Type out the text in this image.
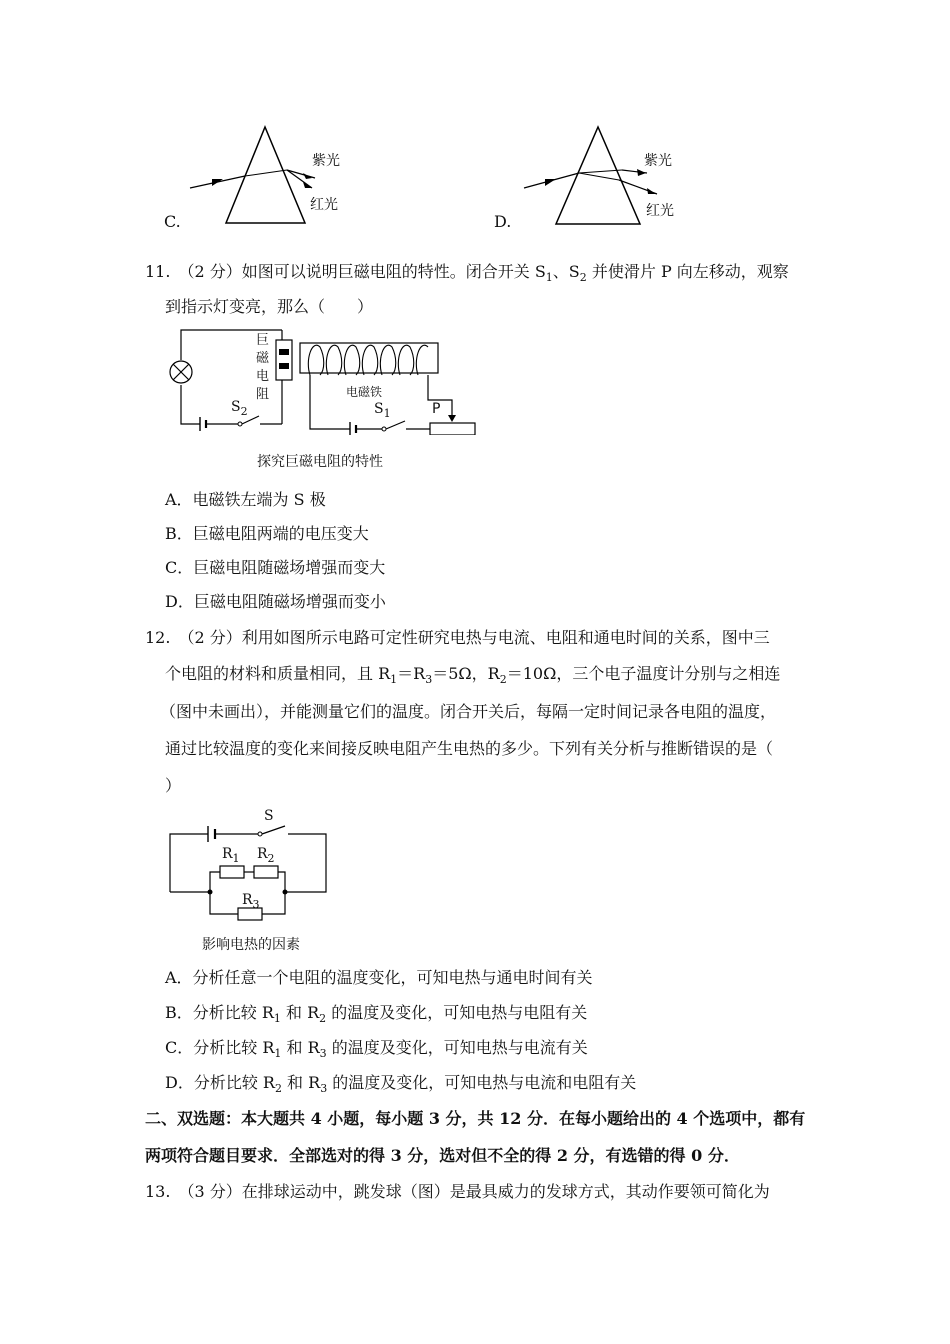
C.
紫光
红光
D.
紫光
红光
11. （2 分）如图可以说明巨磁电阻的特性。闭合开关 $S_1$、$S_2$ 并使滑片 P 向左移动，观察
到指示灯变亮，那么（　　）
巨
磁
电
阻	电磁铁
$S_2$	$S_1$	P
探究巨磁电阻的特性
A．电磁铁左端为 S 极
B．巨磁电阻两端的电压变大
C．巨磁电阻随磁场增强而变大
D．巨磁电阻随磁场增强而变小
12. （2 分）利用如图所示电路可定性研究电热与电流、电阻和通电时间的关系，图中三
个电阻的材料和质量相同，且 $R_1=R_3=5\Omega$，$R_2=10\Omega$，三个电子温度计分别与之相连
（图中未画出），并能测量它们的温度。闭合开关后，每隔一定时间记录各电阻的温度，
通过比较温度的变化来间接反映电阻产生电热的多少。下列有关分析与推断错误的是（
）
S
$R_1$ $R_2$
$R_3$
影响电热的因素
A．分析任意一个电阻的温度变化，可知电热与通电时间有关
B．分析比较 $R_1$ 和 $R_2$ 的温度及变化，可知电热与电阻有关
C．分析比较 $R_1$ 和 $R_3$ 的温度及变化，可知电热与电流有关
D．分析比较 $R_2$ 和 $R_3$ 的温度及变化，可知电热与电流和电阻有关
二、双选题：本大题共 4 小题，每小题 3 分，共 12 分．在每小题给出的 4 个选项中，都有
两项符合题目要求．全部选对的得 3 分，选对但不全的得 2 分，有选错的得 0 分．
13. （3 分）在排球运动中，跳发球（图）是最具威力的发球方式，其动作要领可简化为
